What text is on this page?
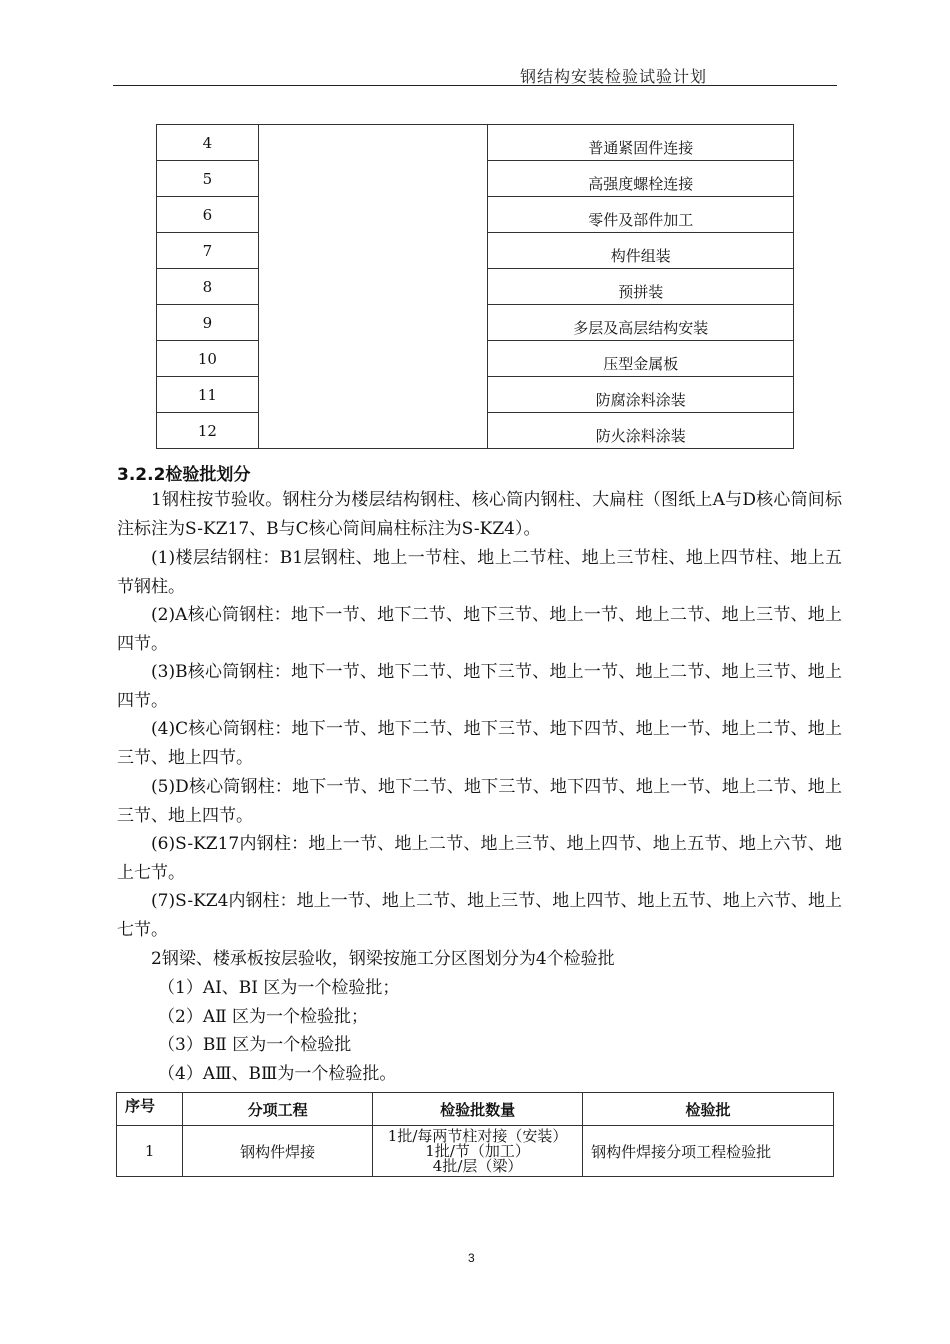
钢结构安装检验试验计划
4		普通紧固件连接
5		高强度螺栓连接
6		零件及部件加工
7		构件组装
8		预拼装
9		多层及高层结构安装
10		压型金属板
11		防腐涂料涂装
12		防火涂料涂装
3.2.2检验批划分

1钢柱按节验收。钢柱分为楼层结构钢柱、核心筒内钢柱、大扁柱（图纸上A与D核心筒间标注标注为S-KZ17、B与C核心筒间扁柱标注为S-KZ4）。

(1)楼层结钢柱：B1层钢柱、地上一节柱、地上二节柱、地上三节柱、地上四节柱、地上五节钢柱。

(2)A核心筒钢柱：地下一节、地下二节、地下三节、地上一节、地上二节、地上三节、地上四节。

(3)B核心筒钢柱：地下一节、地下二节、地下三节、地上一节、地上二节、地上三节、地上四节。

(4)C核心筒钢柱：地下一节、地下二节、地下三节、地下四节、地上一节、地上二节、地上三节、地上四节。

(5)D核心筒钢柱：地下一节、地下二节、地下三节、地下四节、地上一节、地上二节、地上三节、地上四节。

(6)S-KZ17内钢柱：地上一节、地上二节、地上三节、地上四节、地上五节、地上六节、地上七节。

(7)S-KZ4内钢柱：地上一节、地上二节、地上三节、地上四节、地上五节、地上六节、地上七节。

2钢梁、楼承板按层验收，钢梁按施工分区图划分为4个检验批

（1）AⅠ、BⅠ 区为一个检验批；

（2）AⅡ 区为一个检验批；

（3）BⅡ 区为一个检验批

（4）AⅢ、BⅢ为一个检验批。

序号	分项工程	检验批数量	检验批
1	钢构件焊接	1批/每两节柱对接（安装）
1批/节（加工）
4批/层（梁）	钢构件焊接分项工程检验批
3
